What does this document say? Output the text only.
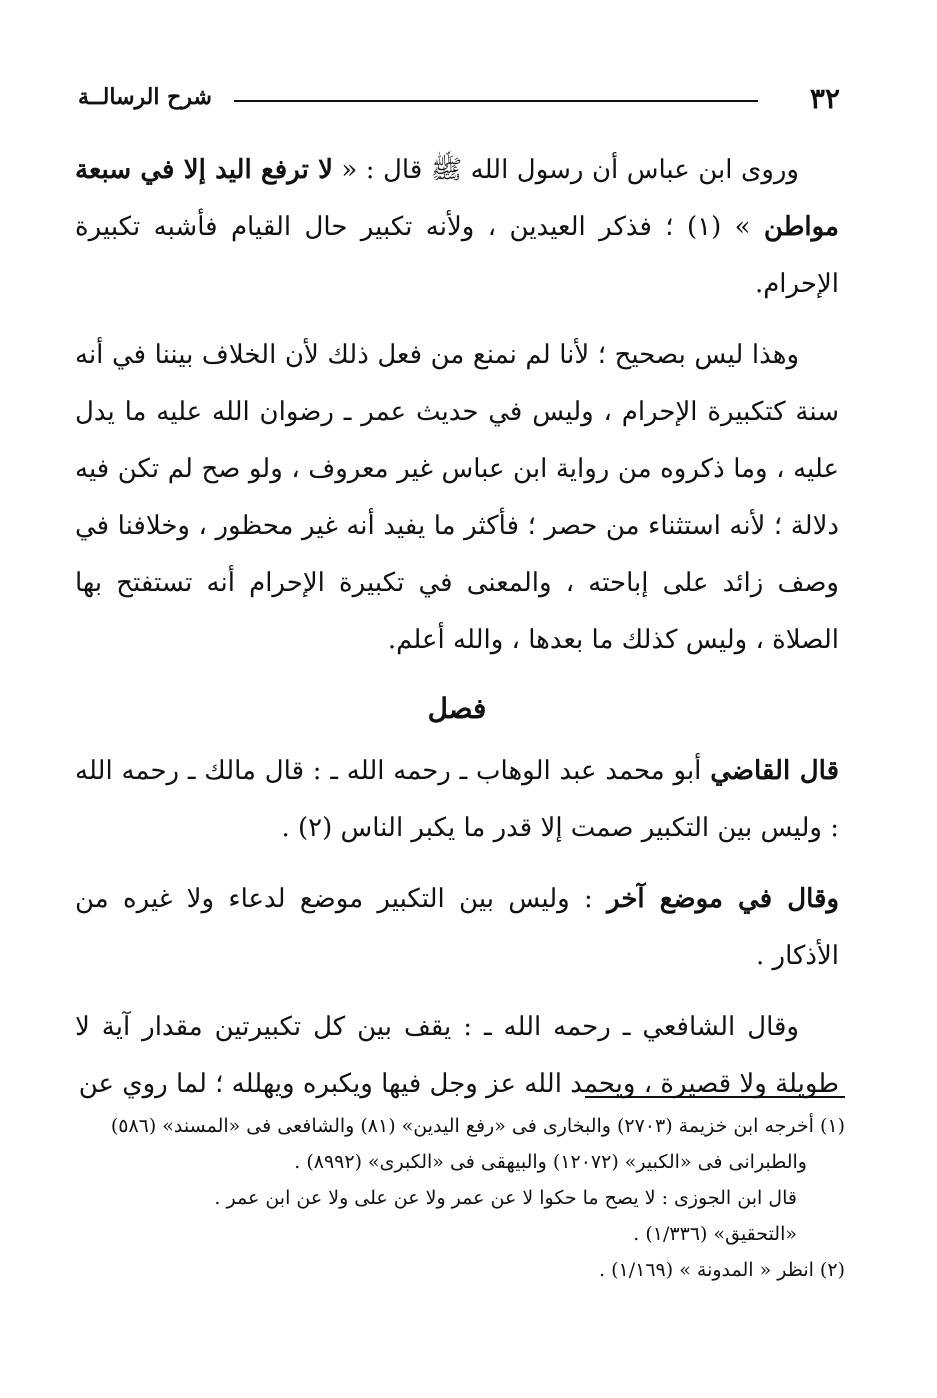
٣٢
شرح الرسالــة

وروى ابن عباس أن رسول الله ﷺ قال : « لا ترفع اليد إلا في سبعة مواطن » (١) ؛ فذكر العيدين ، ولأنه تكبير حال القيام فأشبه تكبيرة الإحرام.

وهذا ليس بصحيح ؛ لأنا لم نمنع من فعل ذلك لأن الخلاف بيننا في أنه سنة كتكبيرة الإحرام ، وليس في حديث عمر ـ رضوان الله عليه ما يدل عليه ، وما ذكروه من رواية ابن عباس غير معروف ، ولو صح لم تكن فيه دلالة ؛ لأنه استثناء من حصر ؛ فأكثر ما يفيد أنه غير محظور ، وخلافنا في وصف زائد على إباحته ، والمعنى في تكبيرة الإحرام أنه تستفتح بها الصلاة ، وليس كذلك ما بعدها ، والله أعلم.

فصل

قال القاضي أبو محمد عبد الوهاب ـ رحمه الله ـ : قال مالك ـ رحمه الله : وليس بين التكبير صمت إلا قدر ما يكبر الناس (٢) .

وقال في موضع آخر : وليس بين التكبير موضع لدعاء ولا غيره من الأذكار .

وقال الشافعي ـ رحمه الله ـ : يقف بين كل تكبيرتين مقدار آية لا طويلة ولا قصيرة ، ويحمد الله عز وجل فيها ويكبره ويهلله ؛ لما روي عن

(١) أخرجه ابن خزيمة (٢٧٠٣) والبخارى فى «رفع اليدين» (٨١) والشافعى فى «المسند» (٥٨٦)

والطبرانى فى «الكبير» (١٢٠٧٢) والبيهقى فى «الكبرى» (٨٩٩٢) .

قال ابن الجوزى : لا يصح ما حكوا لا عن عمر ولا عن على ولا عن ابن عمر .

«التحقيق» (١/٣٣٦) .

(٢) انظر « المدونة » (١/١٦٩) .
